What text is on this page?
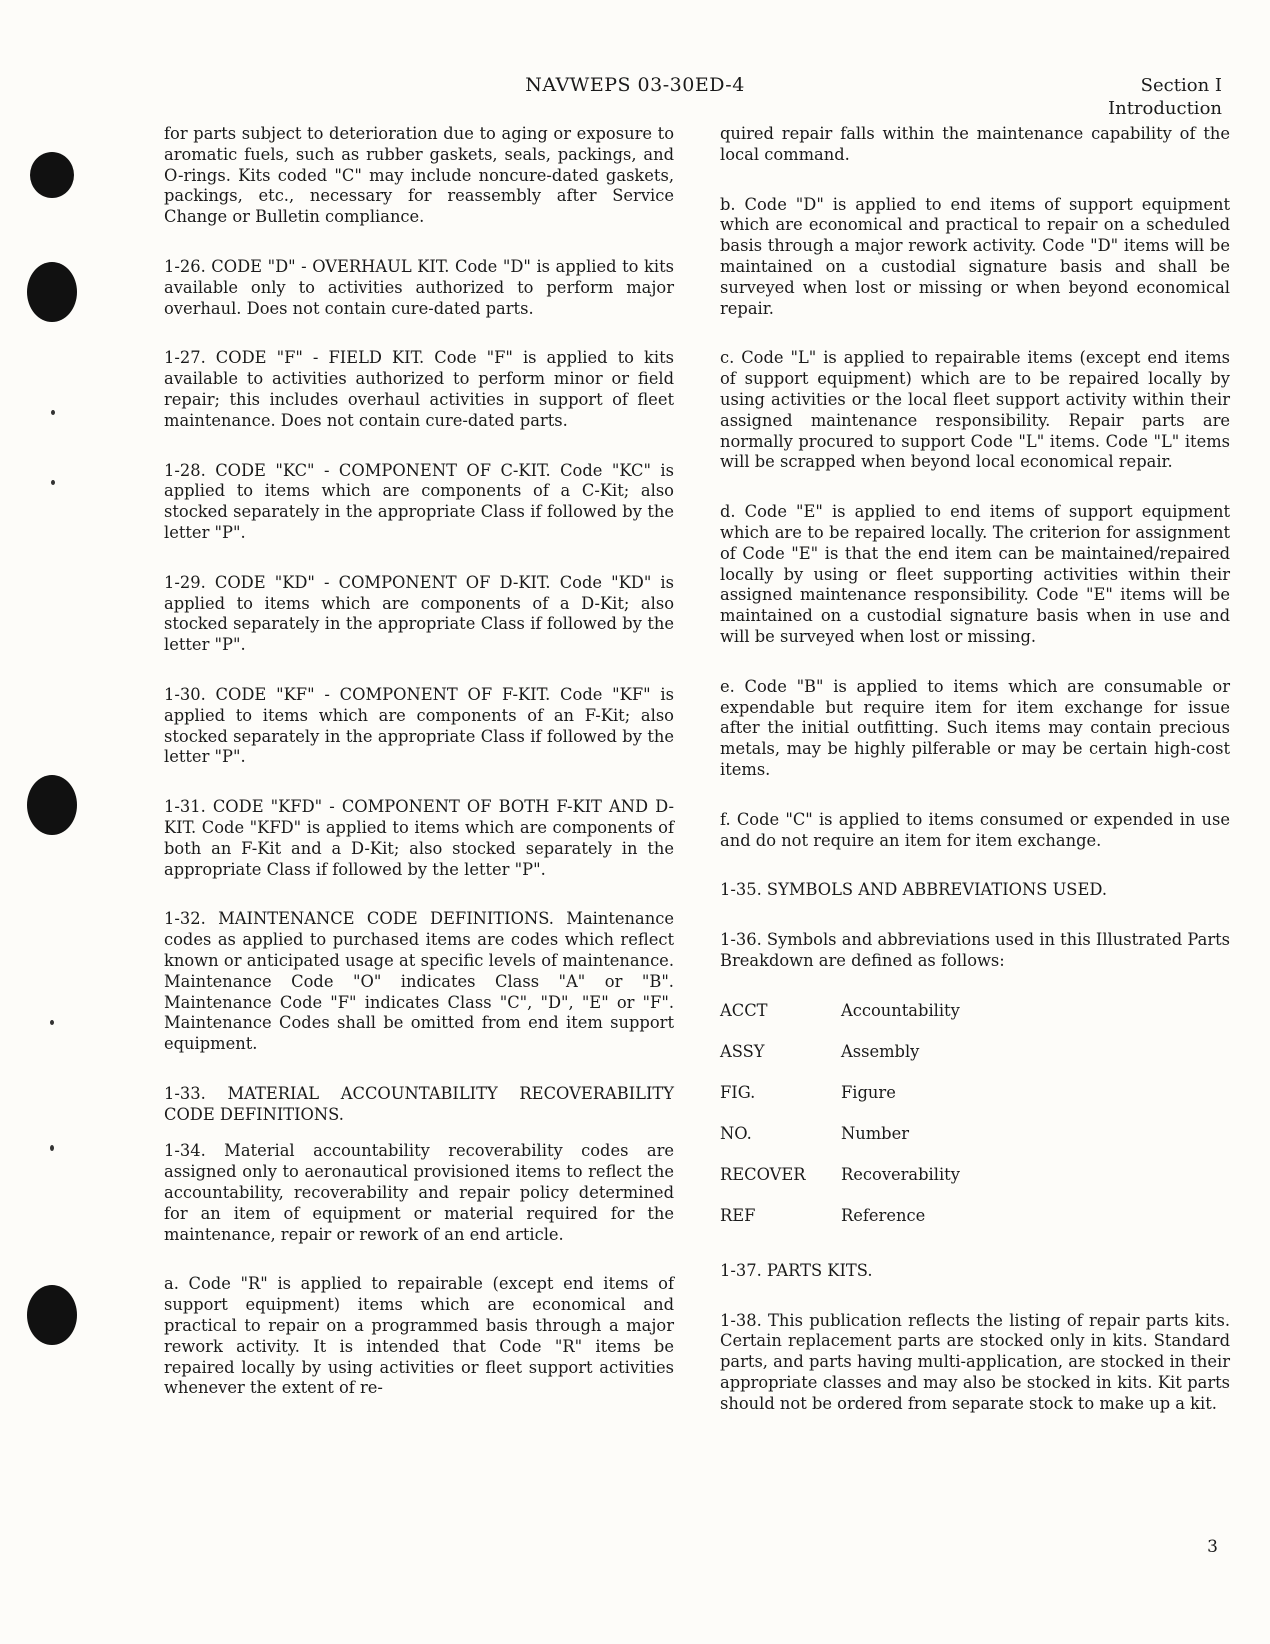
NAVWEPS 03-30ED-4	Section I
Introduction

for parts subject to deterioration due to aging or exposure to aromatic fuels, such as rubber gaskets, seals, packings, and O-rings. Kits coded "C" may include noncure-dated gaskets, packings, etc., necessary for reassembly after Service Change or Bulletin compliance.

1-26. CODE "D" - OVERHAUL KIT. Code "D" is applied to kits available only to activities authorized to perform major overhaul. Does not contain cure-dated parts.

1-27. CODE "F" - FIELD KIT. Code "F" is applied to kits available to activities authorized to perform minor or field repair; this includes overhaul activities in support of fleet maintenance. Does not contain cure-dated parts.

1-28. CODE "KC" - COMPONENT OF C-KIT. Code "KC" is applied to items which are components of a C-Kit; also stocked separately in the appropriate Class if followed by the letter "P".

1-29. CODE "KD" - COMPONENT OF D-KIT. Code "KD" is applied to items which are components of a D-Kit; also stocked separately in the appropriate Class if followed by the letter "P".

1-30. CODE "KF" - COMPONENT OF F-KIT. Code "KF" is applied to items which are components of an F-Kit; also stocked separately in the appropriate Class if followed by the letter "P".

1-31. CODE "KFD" - COMPONENT OF BOTH F-KIT AND D-KIT. Code "KFD" is applied to items which are components of both an F-Kit and a D-Kit; also stocked separately in the appropriate Class if followed by the letter "P".

1-32. MAINTENANCE CODE DEFINITIONS. Maintenance codes as applied to purchased items are codes which reflect known or anticipated usage at specific levels of maintenance. Maintenance Code "O" indicates Class "A" or "B". Maintenance Code "F" indicates Class "C", "D", "E" or "F". Maintenance Codes shall be omitted from end item support equipment.

1-33. MATERIAL ACCOUNTABILITY RECOVERABILITY CODE DEFINITIONS.

1-34. Material accountability recoverability codes are assigned only to aeronautical provisioned items to reflect the accountability, recoverability and repair policy determined for an item of equipment or material required for the maintenance, repair or rework of an end article.

a. Code "R" is applied to repairable (except end items of support equipment) items which are economical and practical to repair on a programmed basis through a major rework activity. It is intended that Code "R" items be repaired locally by using activities or fleet support activities whenever the extent of re-

quired repair falls within the maintenance capability of the local command.

b. Code "D" is applied to end items of support equipment which are economical and practical to repair on a scheduled basis through a major rework activity. Code "D" items will be maintained on a custodial signature basis and shall be surveyed when lost or missing or when beyond economical repair.

c. Code "L" is applied to repairable items (except end items of support equipment) which are to be repaired locally by using activities or the local fleet support activity within their assigned maintenance responsibility. Repair parts are normally procured to support Code "L" items. Code "L" items will be scrapped when beyond local economical repair.

d. Code "E" is applied to end items of support equipment which are to be repaired locally. The criterion for assignment of Code "E" is that the end item can be maintained/repaired locally by using or fleet supporting activities within their assigned maintenance responsibility. Code "E" items will be maintained on a custodial signature basis when in use and will be surveyed when lost or missing.

e. Code "B" is applied to items which are consumable or expendable but require item for item exchange for issue after the initial outfitting. Such items may contain precious metals, may be highly pilferable or may be certain high-cost items.

f. Code "C" is applied to items consumed or expended in use and do not require an item for item exchange.

1-35. SYMBOLS AND ABBREVIATIONS USED.

1-36. Symbols and abbreviations used in this Illustrated Parts Breakdown are defined as follows:

ACCT	Accountability
ASSY	Assembly
FIG.	Figure
NO.	Number
RECOVER	Recoverability
REF	Reference

1-37. PARTS KITS.

1-38. This publication reflects the listing of repair parts kits. Certain replacement parts are stocked only in kits. Standard parts, and parts having multi-application, are stocked in their appropriate classes and may also be stocked in kits. Kit parts should not be ordered from separate stock to make up a kit.

3
